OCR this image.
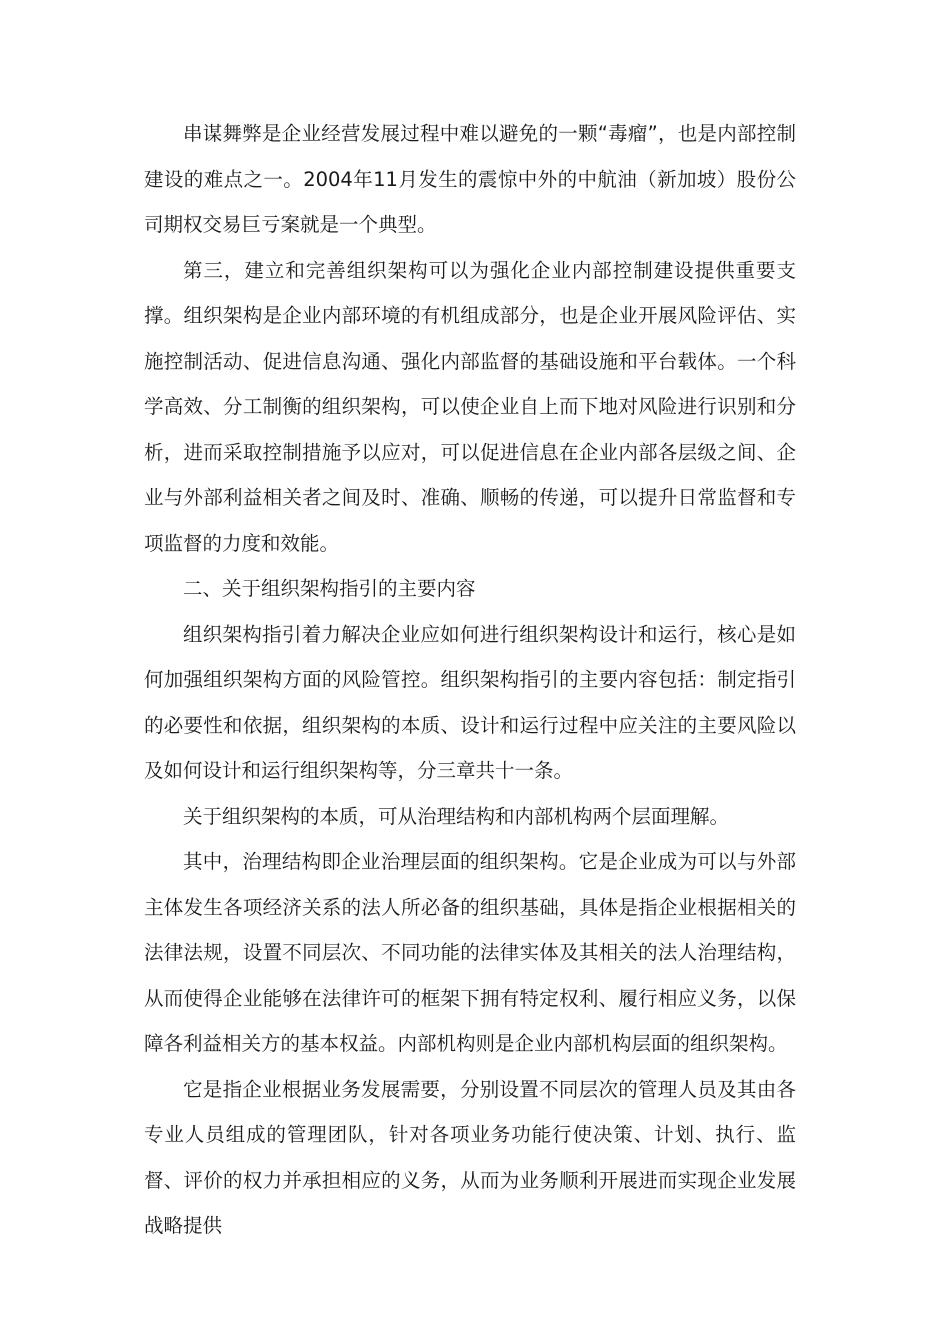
串谋舞弊是企业经营发展过程中难以避免的一颗“毒瘤”，也是内部控制建设的难点之一。2004年11月发生的震惊中外的中航油（新加坡）股份公司期权交易巨亏案就是一个典型。

第三，建立和完善组织架构可以为强化企业内部控制建设提供重要支撑。组织架构是企业内部环境的有机组成部分，也是企业开展风险评估、实施控制活动、促进信息沟通、强化内部监督的基础设施和平台载体。一个科学高效、分工制衡的组织架构，可以使企业自上而下地对风险进行识别和分析，进而采取控制措施予以应对，可以促进信息在企业内部各层级之间、企业与外部利益相关者之间及时、准确、顺畅的传递，可以提升日常监督和专项监督的力度和效能。

二、关于组织架构指引的主要内容

组织架构指引着力解决企业应如何进行组织架构设计和运行，核心是如何加强组织架构方面的风险管控。组织架构指引的主要内容包括：制定指引的必要性和依据，组织架构的本质、设计和运行过程中应关注的主要风险以及如何设计和运行组织架构等，分三章共十一条。

关于组织架构的本质，可从治理结构和内部机构两个层面理解。

其中，治理结构即企业治理层面的组织架构。它是企业成为可以与外部主体发生各项经济关系的法人所必备的组织基础，具体是指企业根据相关的法律法规，设置不同层次、不同功能的法律实体及其相关的法人治理结构，从而使得企业能够在法律许可的框架下拥有特定权利、履行相应义务，以保障各利益相关方的基本权益。内部机构则是企业内部机构层面的组织架构。

它是指企业根据业务发展需要，分别设置不同层次的管理人员及其由各专业人员组成的管理团队，针对各项业务功能行使决策、计划、执行、监督、评价的权力并承担相应的义务，从而为业务顺利开展进而实现企业发展战略提供
